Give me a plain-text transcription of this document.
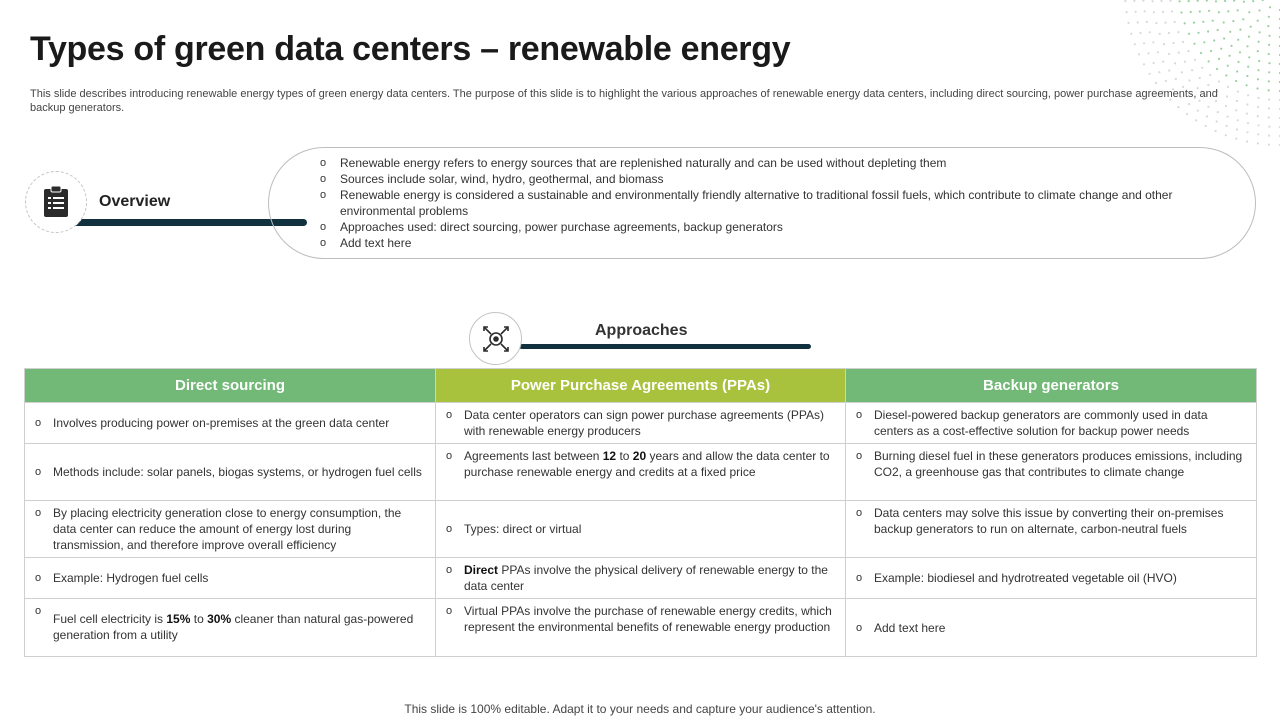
Types of green data centers – renewable energy
This slide describes introducing renewable energy types of green energy data centers. The purpose of this slide is to highlight the various approaches of renewable energy data centers, including direct sourcing, power purchase agreements, and backup generators.
Overview
o Renewable energy refers to energy sources that are replenished naturally and can be used without depleting them
o Sources include solar, wind, hydro, geothermal, and biomass
o Renewable energy is considered a sustainable and environmentally friendly alternative to traditional fossil fuels, which contribute to climate change and other environmental problems
o Approaches used: direct sourcing, power purchase agreements, backup generators
o Add text here
Approaches
Direct sourcing	Power Purchase Agreements (PPAs)	Backup generators
o Involves producing power on-premises at the green data center	o Data center operators can sign power purchase agreements (PPAs) with renewable energy producers	o Diesel-powered backup generators are commonly used in data centers as a cost-effective solution for backup power needs
o Methods include: solar panels, biogas systems, or hydrogen fuel cells	o Agreements last between 12 to 20 years and allow the data center to purchase renewable energy and credits at a fixed price	o Burning diesel fuel in these generators produces emissions, including CO2, a greenhouse gas that contributes to climate change
o By placing electricity generation close to energy consumption, the data center can reduce the amount of energy lost during transmission, and therefore improve overall efficiency	o Types: direct or virtual	o Data centers may solve this issue by converting their on-premises backup generators to run on alternate, carbon-neutral fuels
o Example: Hydrogen fuel cells	o Direct PPAs involve the physical delivery of renewable energy to the data center	o Example: biodiesel and hydrotreated vegetable oil (HVO)
o Fuel cell electricity is 15% to 30% cleaner than natural gas-powered generation from a utility	o Virtual PPAs involve the purchase of renewable energy credits, which represent the environmental benefits of renewable energy production	o Add text here
This slide is 100% editable. Adapt it to your needs and capture your audience's attention.
